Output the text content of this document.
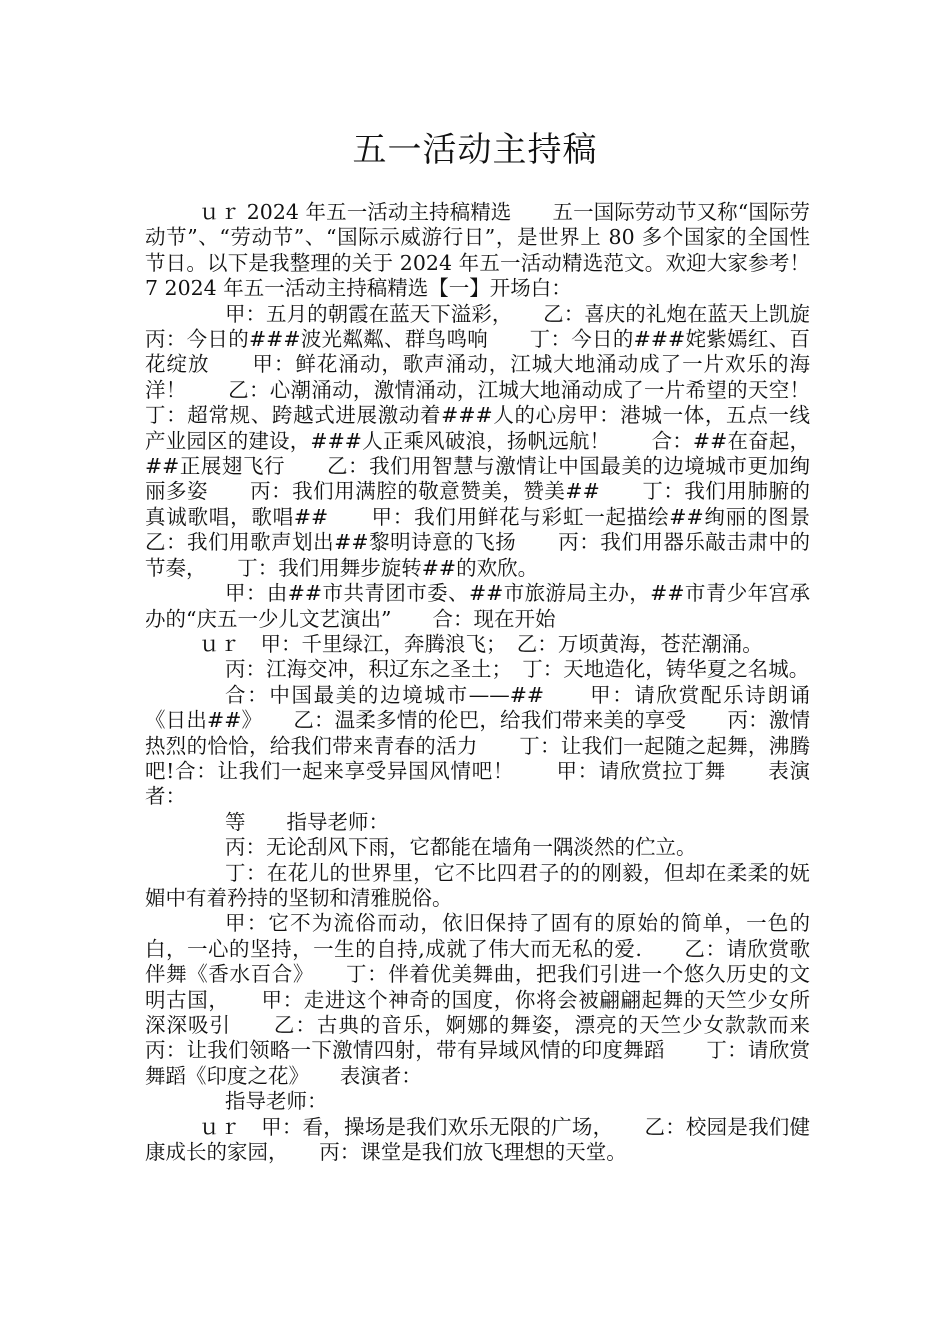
五一活动主持稿

ｕｒ 2024 年五一活动主持稿精选　　五一国际劳动节又称“国际劳动节”、“劳动节”、“国际示威游行日”，是世界上 80 多个国家的全国性节日。以下是我整理的关于 2024 年五一活动精选范文。欢迎大家参考！　　7 2024 年五一活动主持稿精选【一】开场白：

甲：五月的朝霞在蓝天下溢彩，　　乙：喜庆的礼炮在蓝天上凯旋　　丙：今日的###波光粼粼、群鸟鸣响　　丁：今日的###姹紫嫣红、百花绽放　　甲：鲜花涌动，歌声涌动，江城大地涌动成了一片欢乐的海洋！　　乙：心潮涌动，激情涌动，江城大地涌动成了一片希望的天空！　　丁：超常规、跨越式进展激动着###人的心房甲：港城一体，五点一线产业园区的建设，###人正乘风破浪，扬帆远航！　　合：##在奋起，##正展翅飞行　　乙：我们用智慧与激情让中国最美的边境城市更加绚丽多姿　　丙：我们用满腔的敬意赞美，赞美##　　丁：我们用肺腑的真诚歌唱，歌唱##　　甲：我们用鲜花与彩虹一起描绘##绚丽的图景　　乙：我们用歌声划出##黎明诗意的飞扬　　丙：我们用器乐敲击肃中的节奏，　　丁：我们用舞步旋转##的欢欣。

甲：由##市共青团市委、##市旅游局主办，##市青少年宫承办的“庆五一少儿文艺演出”　　合：现在开始

ｕｒ　甲：千里绿江，奔腾浪飞；　乙：万顷黄海，苍茫潮涌。

丙：江海交冲，积辽东之圣土；　丁：天地造化，铸华夏之名城。

合：中国最美的边境城市——##　　甲：请欣赏配乐诗朗诵《日出##》　　乙：温柔多情的伦巴，给我们带来美的享受　　丙：激情热烈的恰恰，给我们带来青春的活力　　丁：让我们一起随之起舞，沸腾吧!合：让我们一起来享受异国风情吧！　　甲：请欣赏拉丁舞　　表演者：

等　　指导老师：

丙：无论刮风下雨，它都能在墙角一隅淡然的伫立。

丁：在花儿的世界里，它不比四君子的的刚毅，但却在柔柔的妩媚中有着矜持的坚韧和清雅脱俗。

甲：它不为流俗而动，依旧保持了固有的原始的简单，一色的白，一心的坚持，一生的自持,成就了伟大而无私的爱.　　乙：请欣赏歌伴舞《香水百合》　　丁：伴着优美舞曲，把我们引进一个悠久历史的文明古国，　　甲：走进这个神奇的国度，你将会被翩翩起舞的天竺少女所深深吸引　　乙：古典的音乐，婀娜的舞姿，漂亮的天竺少女款款而来　　丙：让我们领略一下激情四射，带有异域风情的印度舞蹈　　丁：请欣赏舞蹈《印度之花》　　表演者：

指导老师：

ｕｒ　甲：看，操场是我们欢乐无限的广场，　　乙：校园是我们健康成长的家园，　　丙：课堂是我们放飞理想的天堂。
